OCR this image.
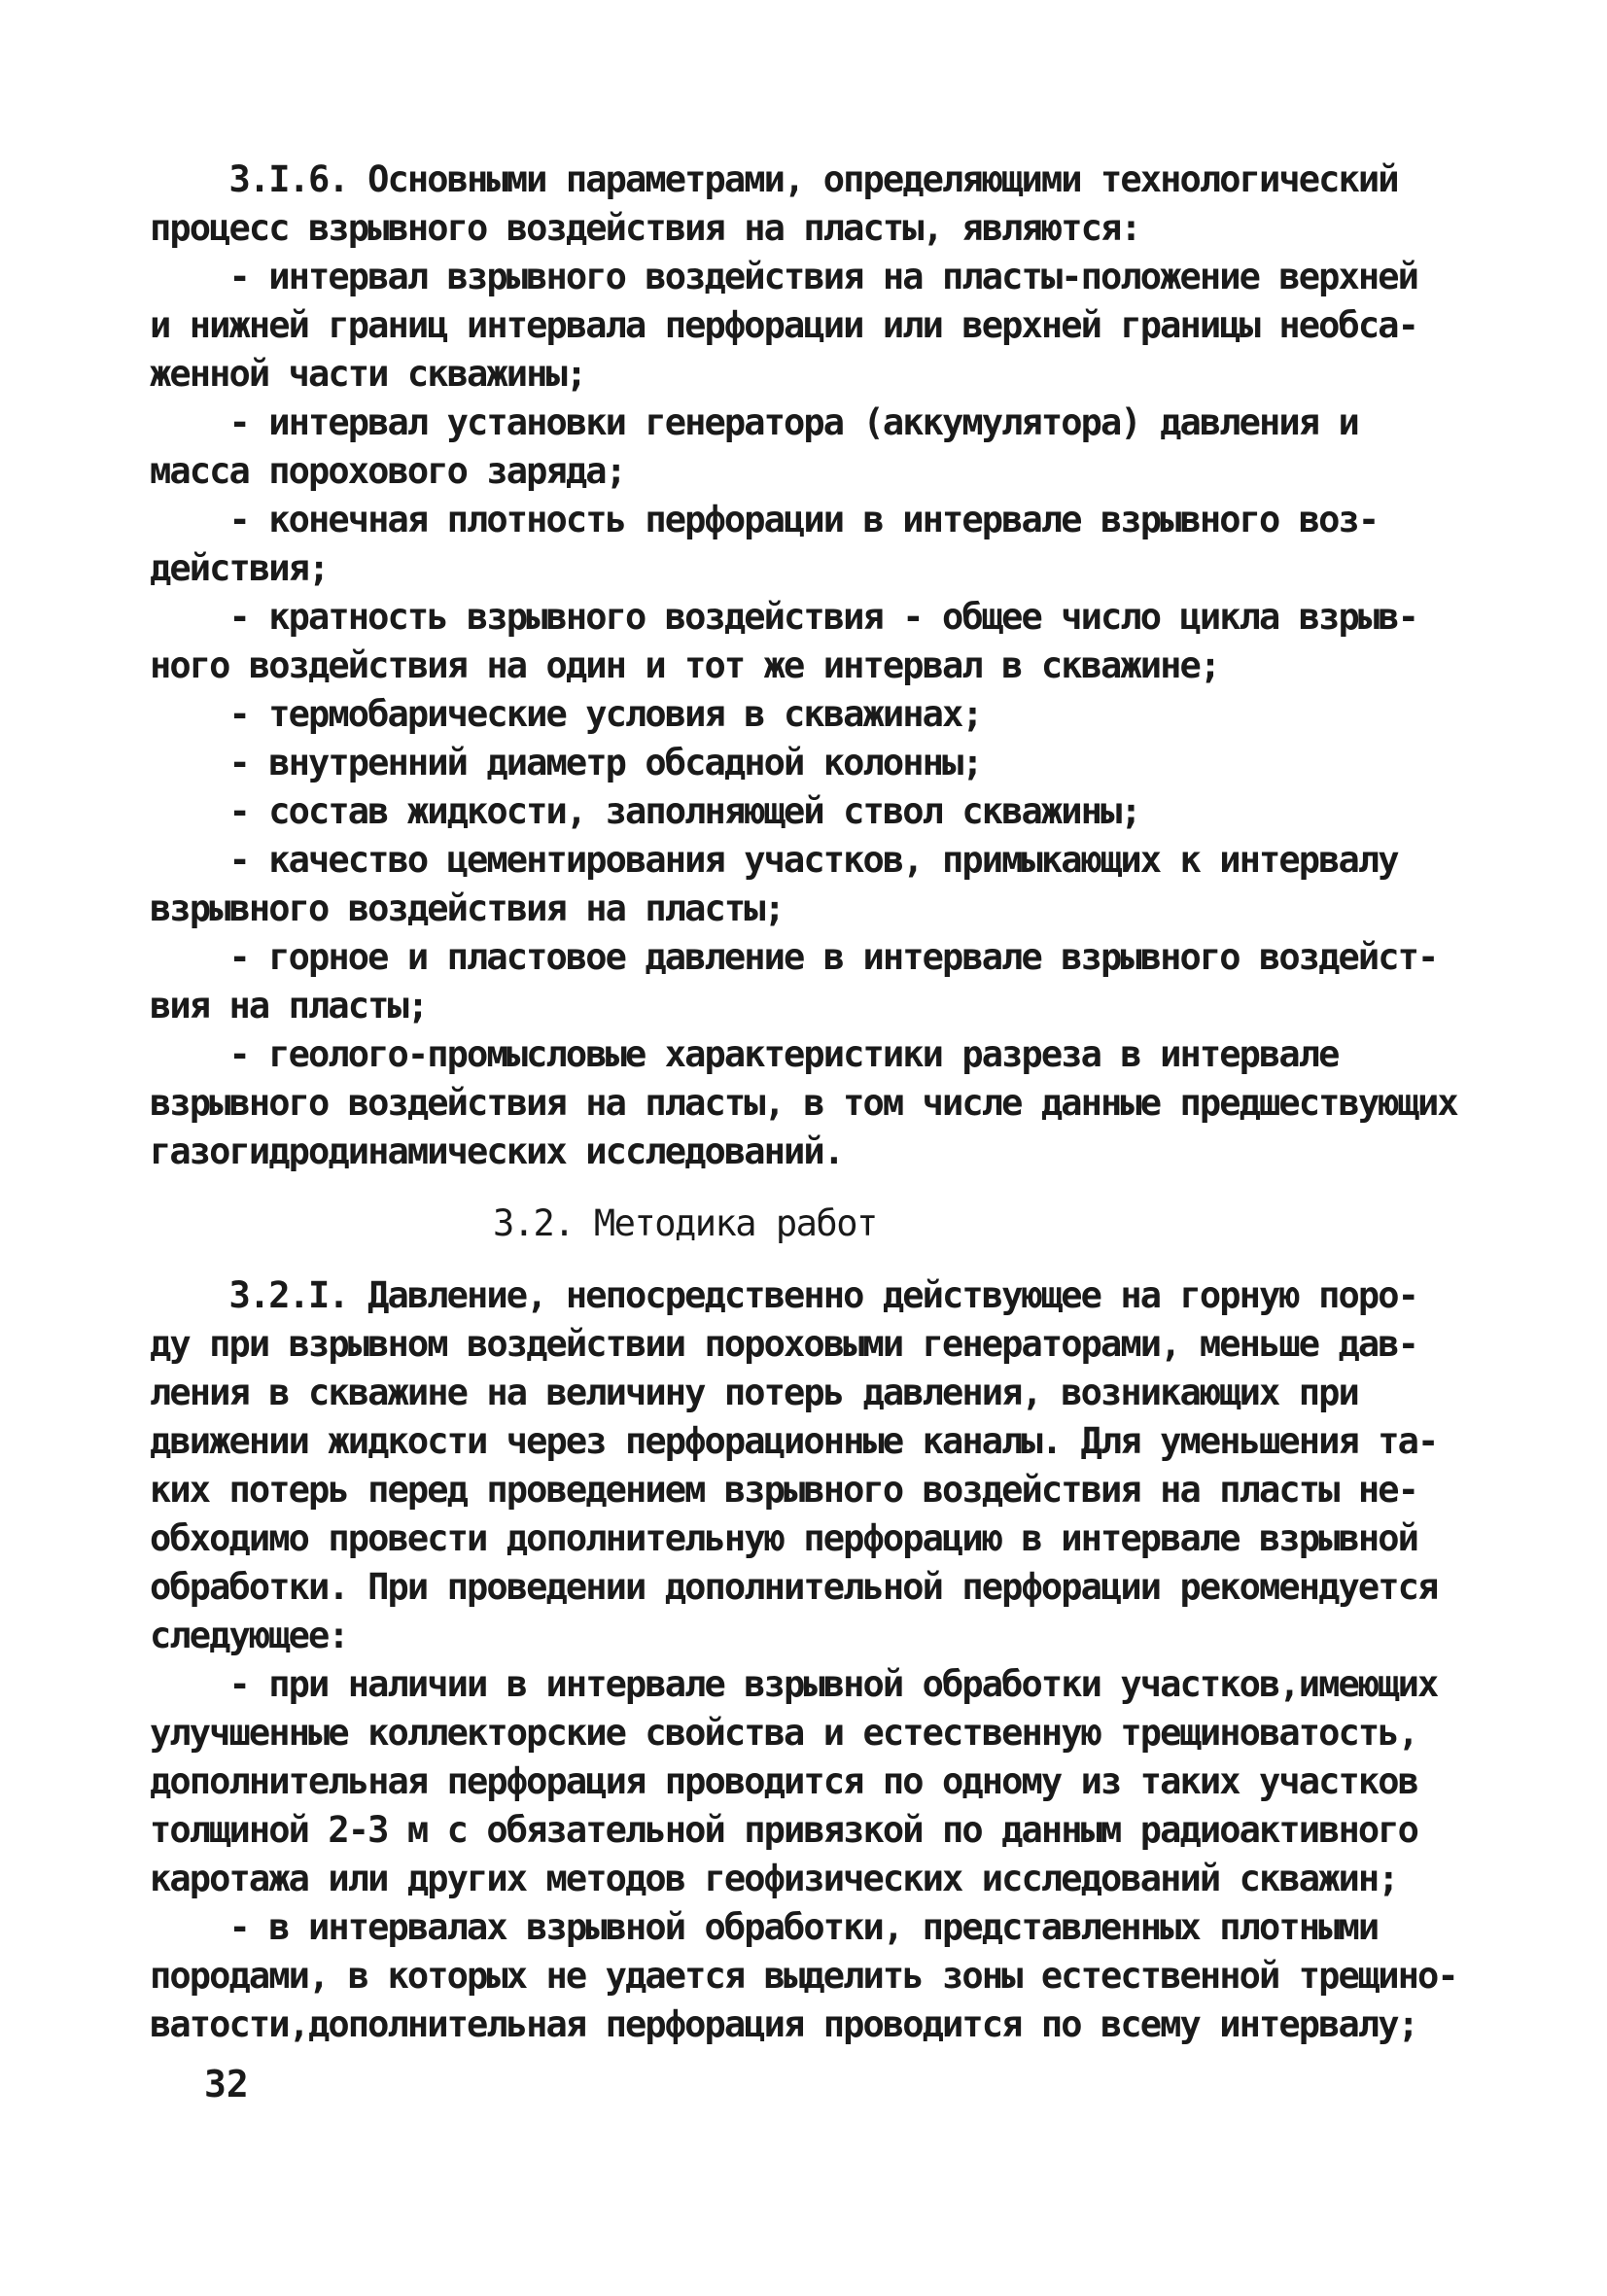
3.I.6. Основными параметрами, определяющими технологический
процесс взрывного воздействия на пласты, являются:
- интервал взрывного воздействия на пласты-положение верхней
и нижней границ интервала перфорации или верхней границы необса-
женной части скважины;
- интервал установки генератора (аккумулятора) давления и
масса порохового заряда;
- конечная плотность перфорации в интервале взрывного воз-
действия;
- кратность взрывного воздействия - общее число цикла взрыв-
ного воздействия на один и тот же интервал в скважине;
- термобарические условия в скважинах;
- внутренний диаметр обсадной колонны;
- состав жидкости, заполняющей ствол скважины;
- качество цементирования участков, примыкающих к интервалу
взрывного воздействия на пласты;
- горное и пластовое давление в интервале взрывного воздейст-
вия на пласты;
- геолого-промысловые характеристики разреза в интервале
взрывного воздействия на пласты, в том числе данные предшествующих
газогидродинамических исследований.
3.2. Методика работ
3.2.I. Давление, непосредственно действующее на горную поро-
ду при взрывном воздействии пороховыми генераторами, меньше дав-
ления в скважине на величину потерь давления, возникающих при
движении жидкости через перфорационные каналы. Для уменьшения та-
ких потерь перед проведением взрывного воздействия на пласты не-
обходимо провести дополнительную перфорацию в интервале взрывной
обработки. При проведении дополнительной перфорации рекомендуется
следующее:
- при наличии в интервале взрывной обработки участков,имеющих
улучшенные коллекторские свойства и естественную трещиноватость,
дополнительная перфорация проводится по одному из таких участков
толщиной 2-3 м с обязательной привязкой по данным радиоактивного
каротажа или других методов геофизических исследований скважин;
- в интервалах взрывной обработки, представленных плотными
породами, в которых не удается выделить зоны естественной трещино-
ватости,дополнительная перфорация проводится по всему интервалу;
32
